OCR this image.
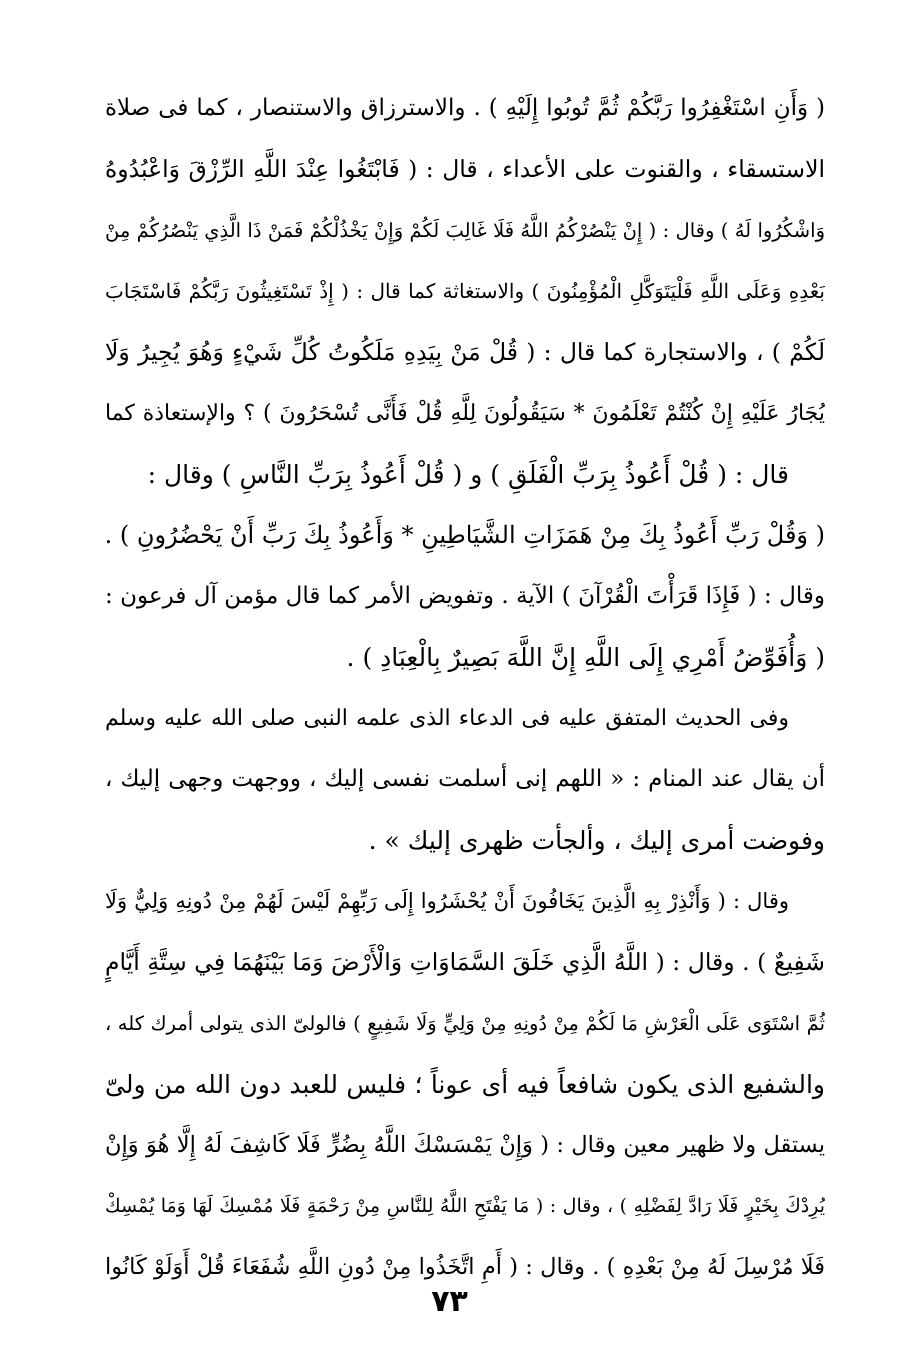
( وَأَنِ اسْتَغْفِرُوا رَبَّكُمْ ثُمَّ تُوبُوا إِلَيْهِ ) . والاسترزاق والاستنصار ، كما فى صلاة
الاستسقاء ، والقنوت على الأعداء ، قال : ( فَابْتَغُوا عِنْدَ اللَّهِ الرِّزْقَ وَاعْبُدُوهُ
وَاشْكُرُوا لَهُ ) وقال : ( إِنْ يَنْصُرْكُمُ اللَّهُ فَلَا غَالِبَ لَكُمْ وَإِنْ يَخْذُلْكُمْ فَمَنْ ذَا الَّذِي يَنْصُرُكُمْ مِنْ
بَعْدِهِ وَعَلَى اللَّهِ فَلْيَتَوَكَّلِ الْمُؤْمِنُونَ ) والاستغاثة كما قال : ( إِذْ تَسْتَغِيثُونَ رَبَّكُمْ فَاسْتَجَابَ
لَكُمْ ) ، والاستجارة كما قال : ( قُلْ مَنْ بِيَدِهِ مَلَكُوتُ كُلِّ شَيْءٍ وَهُوَ يُجِيرُ وَلَا
يُجَارُ عَلَيْهِ إِنْ كُنْتُمْ تَعْلَمُونَ * سَيَقُولُونَ لِلَّهِ قُلْ فَأَنَّى تُسْحَرُونَ ) ؟ والإستعاذة كما
قال : ( قُلْ أَعُوذُ بِرَبِّ الْفَلَقِ ) و ( قُلْ أَعُوذُ بِرَبِّ النَّاسِ ) وقال :
( وَقُلْ رَبِّ أَعُوذُ بِكَ مِنْ هَمَزَاتِ الشَّيَاطِينِ * وَأَعُوذُ بِكَ رَبِّ أَنْ يَحْضُرُونِ ) .
وقال : ( فَإِذَا قَرَأْتَ الْقُرْآنَ ) الآية . وتفويض الأمر كما قال مؤمن آل فرعون :
( وَأُفَوِّضُ أَمْرِي إِلَى اللَّهِ إِنَّ اللَّهَ بَصِيرٌ بِالْعِبَادِ ) .
وفى الحديث المتفق عليه فى الدعاء الذى علمه النبى صلى الله عليه وسلم
أن يقال عند المنام : « اللهم إنى أسلمت نفسى إليك ، ووجهت وجهى إليك ،
وفوضت أمرى إليك ، وألجأت ظهرى إليك » .
وقال : ( وَأَنْذِرْ بِهِ الَّذِينَ يَخَافُونَ أَنْ يُحْشَرُوا إِلَى رَبِّهِمْ لَيْسَ لَهُمْ مِنْ دُونِهِ وَلِيٌّ وَلَا
شَفِيعٌ ) . وقال : ( اللَّهُ الَّذِي خَلَقَ السَّمَاوَاتِ وَالْأَرْضَ وَمَا بَيْنَهُمَا فِي سِتَّةِ أَيَّامٍ
ثُمَّ اسْتَوَى عَلَى الْعَرْشِ مَا لَكُمْ مِنْ دُونِهِ مِنْ وَلِيٍّ وَلَا شَفِيعٍ ) فالولىّ الذى يتولى أمرك كله ،
والشفيع الذى يكون شافعاً فيه أى عوناً ؛ فليس للعبد دون الله من ولىّ
يستقل ولا ظهير معين وقال : ( وَإِنْ يَمْسَسْكَ اللَّهُ بِضُرٍّ فَلَا كَاشِفَ لَهُ إِلَّا هُوَ وَإِنْ
يُرِدْكَ بِخَيْرٍ فَلَا رَادَّ لِفَضْلِهِ ) ، وقال : ( مَا يَفْتَحِ اللَّهُ لِلنَّاسِ مِنْ رَحْمَةٍ فَلَا مُمْسِكَ لَهَا وَمَا يُمْسِكْ
فَلَا مُرْسِلَ لَهُ مِنْ بَعْدِهِ ) . وقال : ( أَمِ اتَّخَذُوا مِنْ دُونِ اللَّهِ شُفَعَاءَ قُلْ أَوَلَوْ كَانُوا
٧٣
